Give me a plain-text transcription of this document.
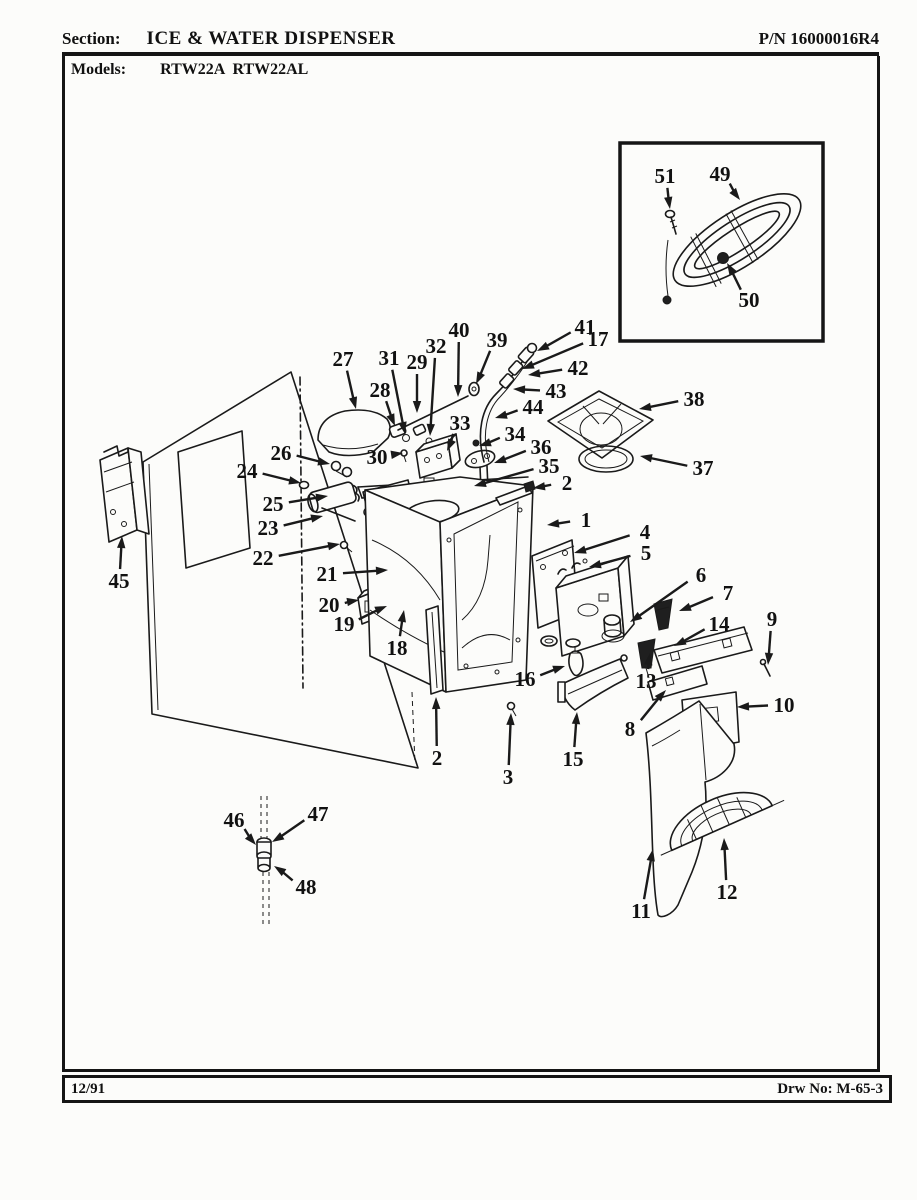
Section: ICE & WATER DISPENSER	P/N 16000016R4
Models: RTW22A  RTW22AL
1
2
2
3
4
5
6
7
8
9
10
11
12
13
14
15
16
17
18
19
20
21
22
23
24
25
26
27
28
29
30
31 32
33 34
35
36
37
38
39
40	41
42
43
44
45
46	47
48
49
50
51
12/91	Drw No: M-65-3
